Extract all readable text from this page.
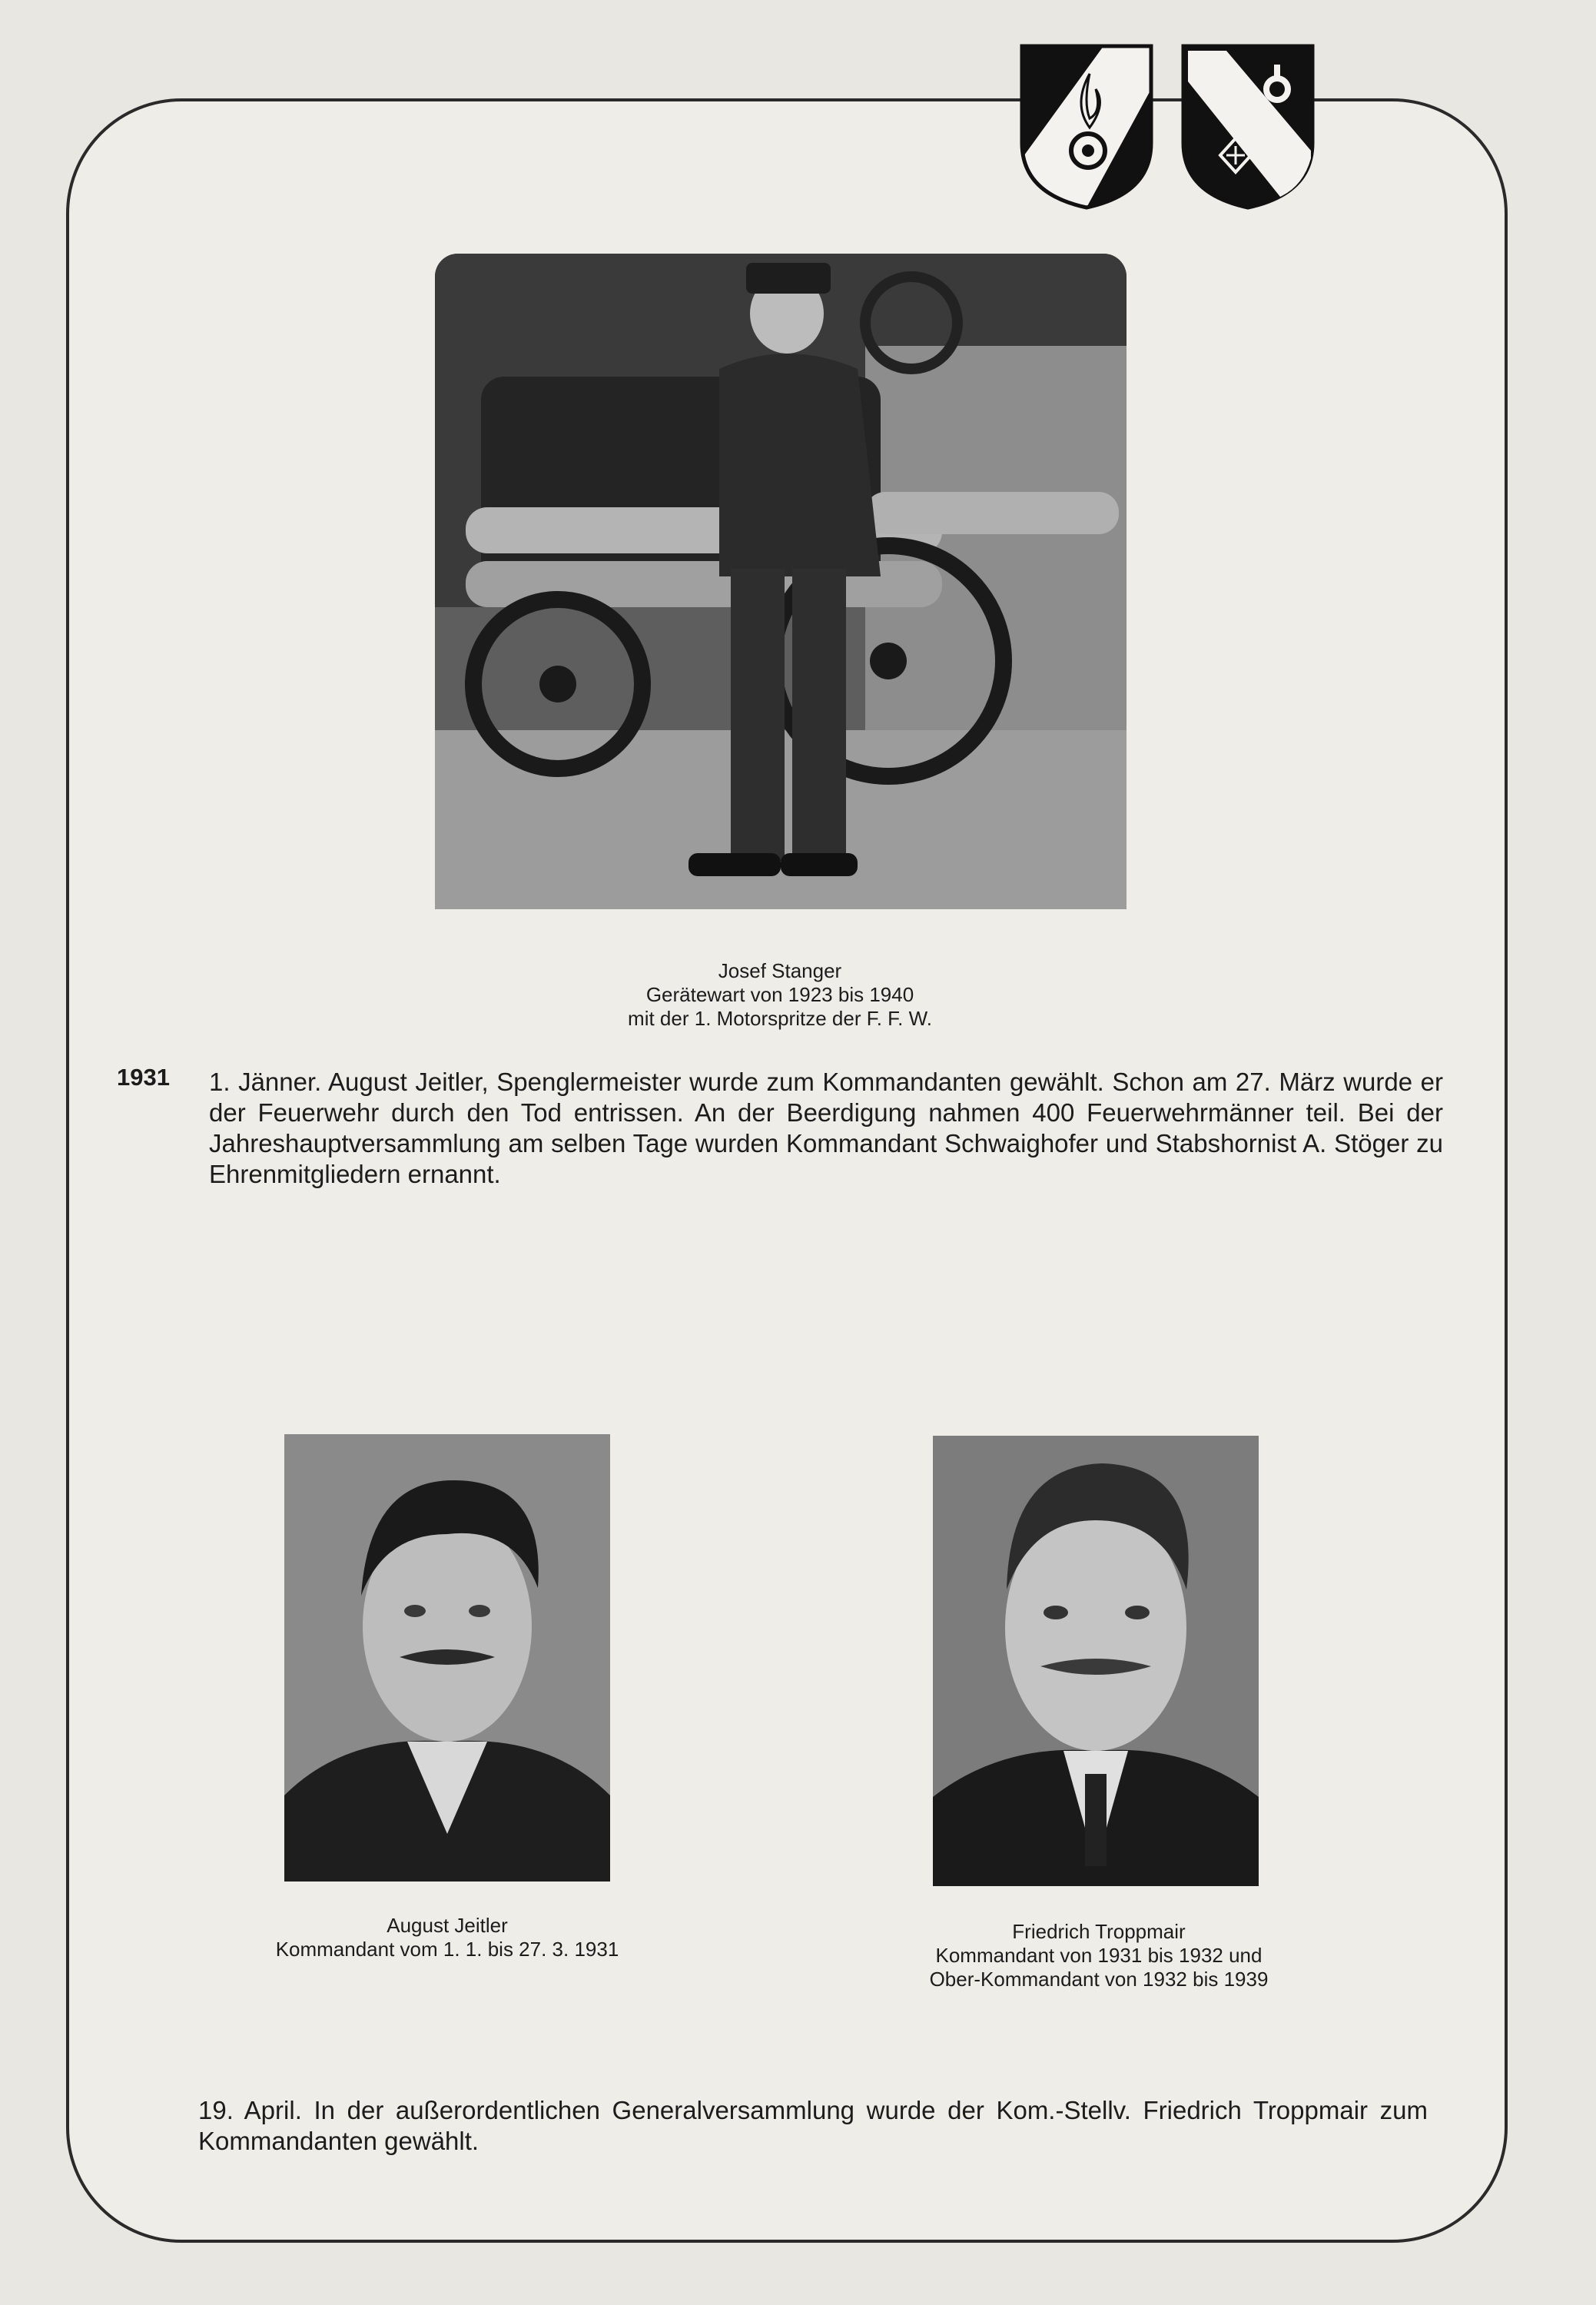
Josef Stanger
Gerätewart von 1923 bis 1940
mit der 1. Motorspritze der F. F. W.
1931 1. Jänner. August Jeitler, Spenglermeister wurde zum Kommandanten gewählt. Schon am 27. März wurde er der Feuerwehr durch den Tod entrissen. An der Beerdigung nahmen 400 Feuerwehrmänner teil. Bei der Jahreshauptversammlung am selben Tage wurden Kommandant Schwaighofer und Stabshornist A. Stöger zu Ehrenmitgliedern ernannt.
August Jeitler
Kommandant vom 1. 1. bis 27. 3. 1931
Friedrich Troppmair
Kommandant von 1931 bis 1932 und
Ober-Kommandant von 1932 bis 1939
19. April. In der außerordentlichen Generalversammlung wurde der Kom.-Stellv. Friedrich Troppmair zum Kommandanten gewählt.
